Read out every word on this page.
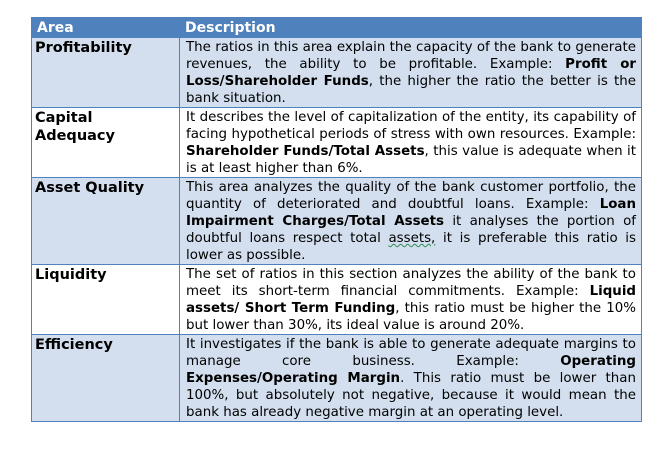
Area	Description
Profitability	The ratios in this area explain the capacity of the bank to generate revenues, the ability to be profitable. Example: Profit or Loss/Shareholder Funds, the higher the ratio the better is the bank situation.
Capital Adequacy	It describes the level of capitalization of the entity, its capability of facing hypothetical periods of stress with own resources. Example: Shareholder Funds/Total Assets, this value is adequate when it is at least higher than 6%.
Asset Quality	This area analyzes the quality of the bank customer portfolio, the quantity of deteriorated and doubtful loans. Example: Loan Impairment Charges/Total Assets it analyses the portion of doubtful loans respect total assets, it is preferable this ratio is lower as possible.
Liquidity	The set of ratios in this section analyzes the ability of the bank to meet its short-term financial commitments. Example: Liquid assets/ Short Term Funding, this ratio must be higher the 10% but lower than 30%, its ideal value is around 20%.
Efficiency	It investigates if the bank is able to generate adequate margins to manage core business. Example: Operating Expenses/Operating Margin. This ratio must be lower than 100%, but absolutely not negative, because it would mean the bank has already negative margin at an operating level.
